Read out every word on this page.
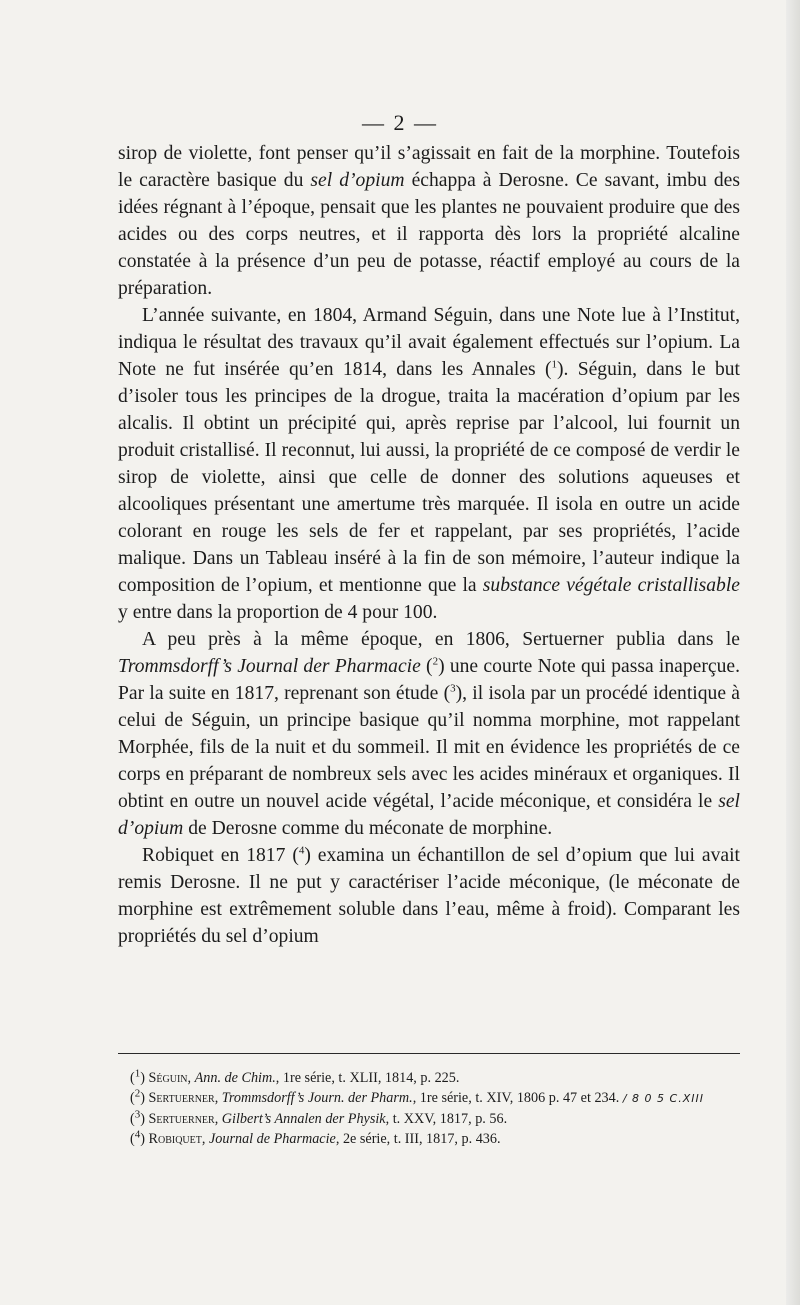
— 2 —

sirop de violette, font penser qu’il s’agissait en fait de la morphine. Toutefois le caractère basique du sel d’opium échappa à Derosne. Ce savant, imbu des idées régnant à l’époque, pensait que les plantes ne pouvaient produire que des acides ou des corps neutres, et il rapporta dès lors la propriété alcaline constatée à la présence d’un peu de potasse, réactif employé au cours de la préparation.

L’année suivante, en 1804, Armand Séguin, dans une Note lue à l’Institut, indiqua le résultat des travaux qu’il avait également effectués sur l’opium. La Note ne fut insérée qu’en 1814, dans les Annales ($^1$). Séguin, dans le but d’isoler tous les principes de la drogue, traita la macération d’opium par les alcalis. Il obtint un précipité qui, après reprise par l’alcool, lui fournit un produit cristallisé. Il reconnut, lui aussi, la propriété de ce composé de verdir le sirop de violette, ainsi que celle de donner des solutions aqueuses et alcooliques présentant une amertume très marquée. Il isola en outre un acide colorant en rouge les sels de fer et rappelant, par ses propriétés, l’acide malique. Dans un Tableau inséré à la fin de son mémoire, l’auteur indique la composition de l’opium, et mentionne que la substance végétale cristallisable y entre dans la proportion de 4 pour 100.

A peu près à la même époque, en 1806, Sertuerner publia dans le Trommsdorff’s Journal der Pharmacie ($^2$) une courte Note qui passa inaperçue. Par la suite en 1817, reprenant son étude ($^3$), il isola par un procédé identique à celui de Séguin, un principe basique qu’il nomma morphine, mot rappelant Morphée, fils de la nuit et du sommeil. Il mit en évidence les propriétés de ce corps en préparant de nombreux sels avec les acides minéraux et organiques. Il obtint en outre un nouvel acide végétal, l’acide méconique, et considéra le sel d’opium de Derosne comme du méconate de morphine.

Robiquet en 1817 ($^4$) examina un échantillon de sel d’opium que lui avait remis Derosne. Il ne put y caractériser l’acide méconique, (le méconate de morphine est extrêmement soluble dans l’eau, même à froid). Comparant les propriétés du sel d’opium

($^1$) Séguin, Ann. de Chim., 1re série, t. XLII, 1814, p. 225.

($^2$) Sertuerner, Trommsdorff’s Journ. der Pharm., 1re série, t. XIV, 1806 p. 47 et 234. / 8 0 5 C.XIII

($^3$) Sertuerner, Gilbert’s Annalen der Physik, t. XXV, 1817, p. 56.

($^4$) Robiquet, Journal de Pharmacie, 2e série, t. III, 1817, p. 436.
